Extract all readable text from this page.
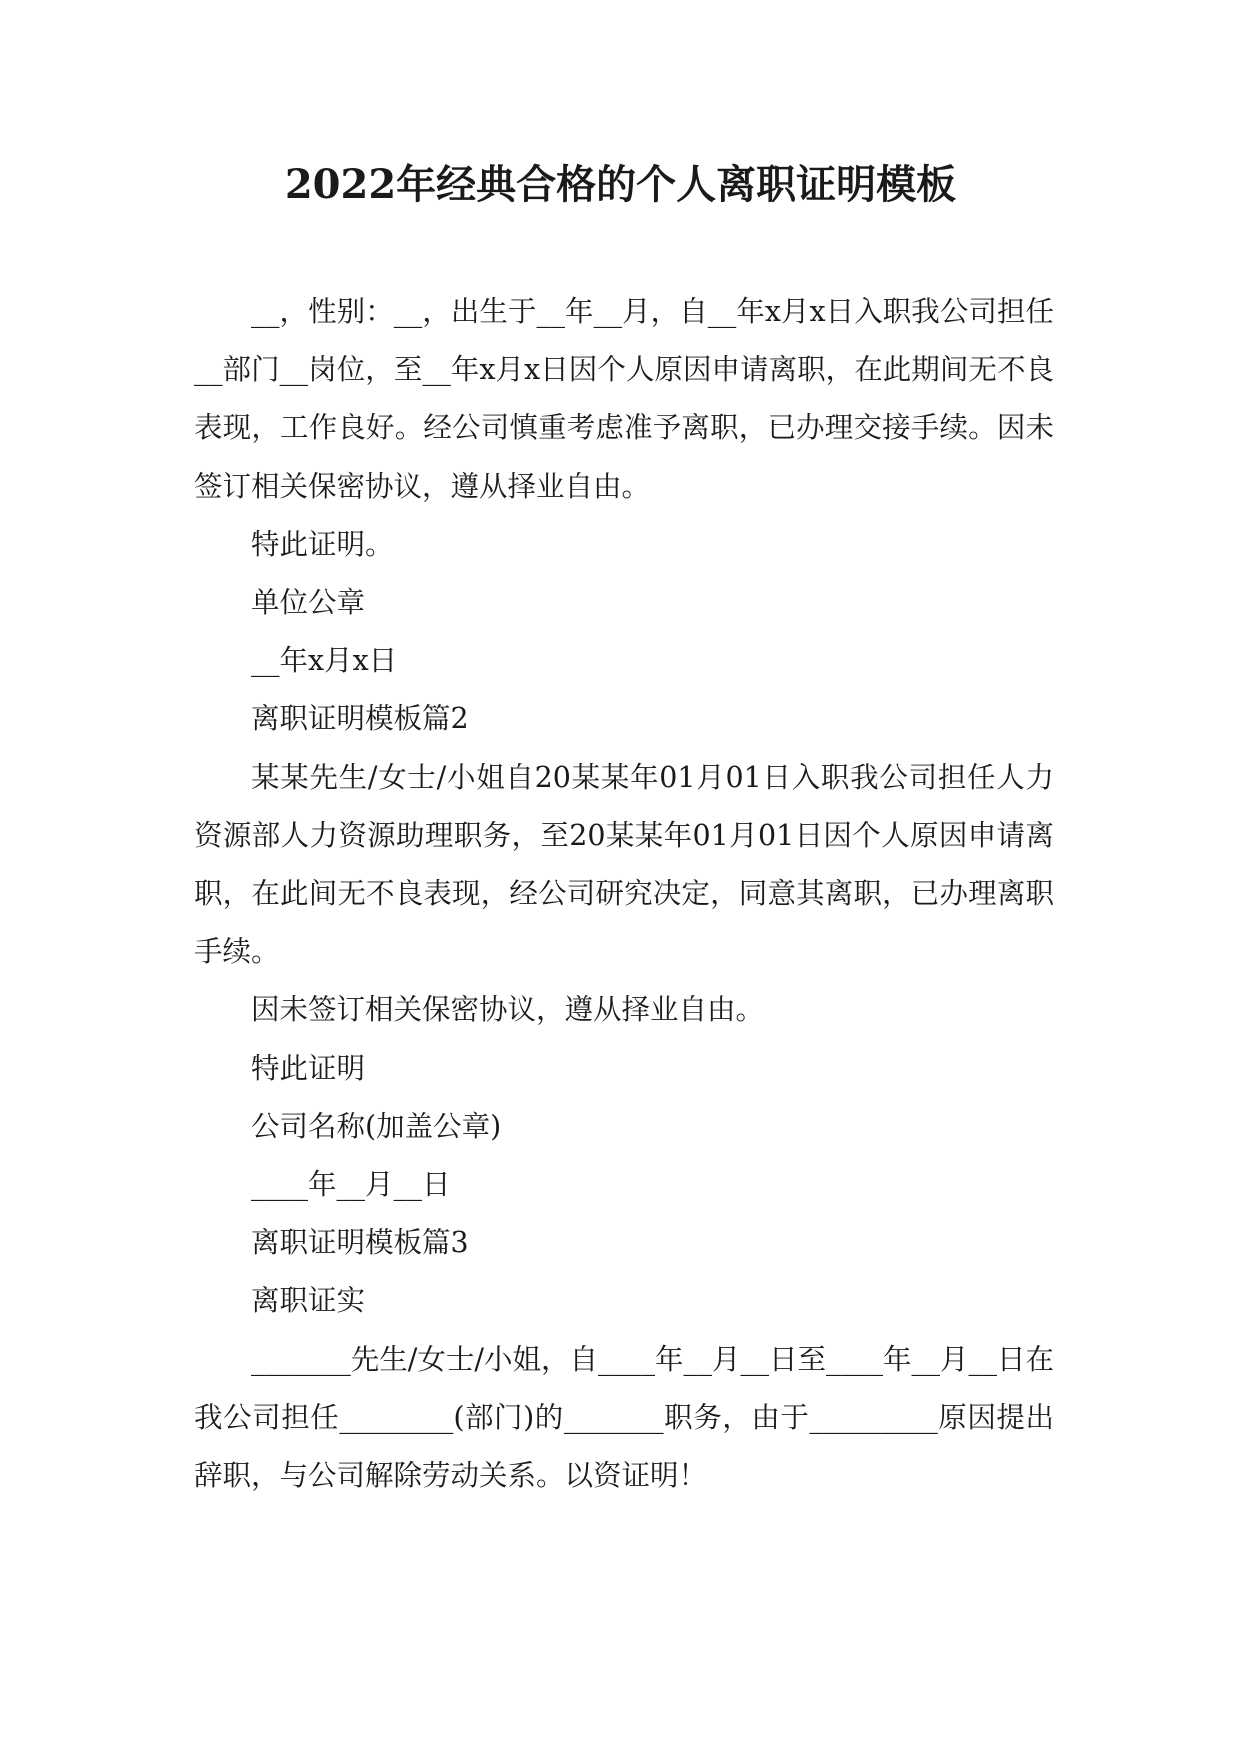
2022年经典合格的个人离职证明模板

__，性别：__，出生于__年__月，自__年x月x日入职我公司担任__部门__岗位，至__年x月x日因个人原因申请离职，在此期间无不良表现，工作良好。经公司慎重考虑准予离职，已办理交接手续。因未签订相关保密协议，遵从择业自由。

特此证明。

单位公章

__年x月x日

离职证明模板篇2

某某先生/女士/小姐自20某某年01月01日入职我公司担任人力资源部人力资源助理职务，至20某某年01月01日因个人原因申请离职，在此间无不良表现，经公司研究决定，同意其离职，已办理离职手续。

因未签订相关保密协议，遵从择业自由。

特此证明

公司名称(加盖公章)

____年__月__日

离职证明模板篇3

离职证实

_______先生/女士/小姐，自____年__月__日至____年__月__日在我公司担任________(部门)的_______职务，由于_________原因提出辞职，与公司解除劳动关系。以资证明！
